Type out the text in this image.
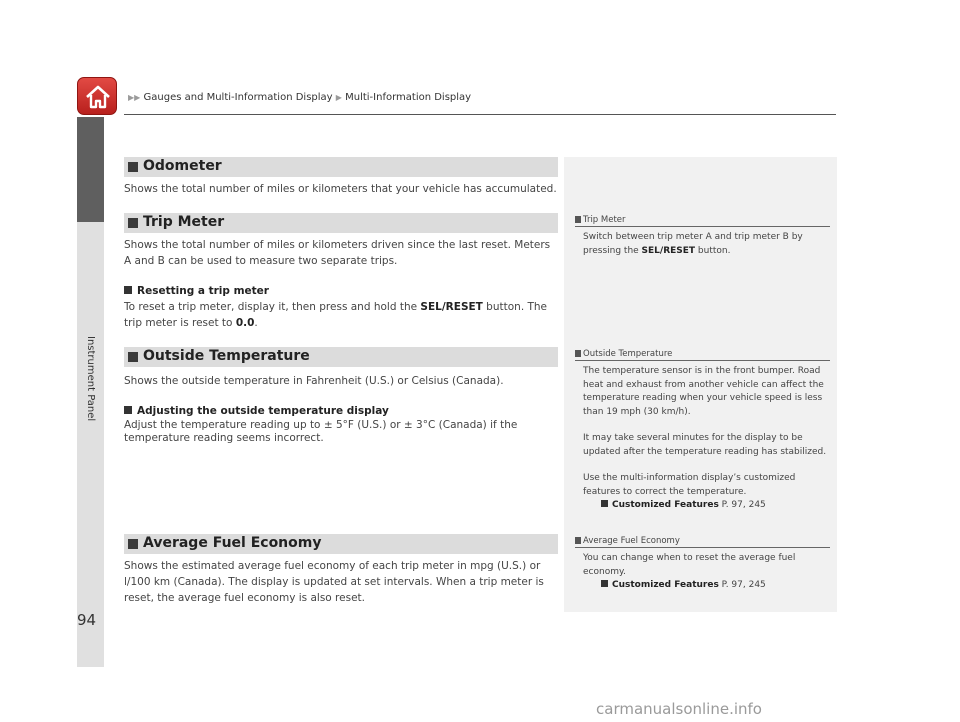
▶▶ Gauges and Multi-Information Display ▶ Multi-Information Display
Instrument Panel
94
Odometer
Shows the total number of miles or kilometers that your vehicle has accumulated.
Trip Meter
Shows the total number of miles or kilometers driven since the last reset. Meters A and B can be used to measure two separate trips.
Resetting a trip meter
To reset a trip meter, display it, then press and hold the SEL/RESET button. The trip meter is reset to 0.0.
Outside Temperature
Shows the outside temperature in Fahrenheit (U.S.) or Celsius (Canada).
Adjusting the outside temperature display
Adjust the temperature reading up to ± 5°F (U.S.) or ± 3°C (Canada) if the temperature reading seems incorrect.
Average Fuel Economy
Shows the estimated average fuel economy of each trip meter in mpg (U.S.) or l/100 km (Canada). The display is updated at set intervals. When a trip meter is reset, the average fuel economy is also reset.
Trip Meter
Switch between trip meter A and trip meter B by pressing the SEL/RESET button.
Outside Temperature
The temperature sensor is in the front bumper. Road heat and exhaust from another vehicle can affect the temperature reading when your vehicle speed is less than 19 mph (30 km/h).
It may take several minutes for the display to be updated after the temperature reading has stabilized.
Use the multi-information display’s customized features to correct the temperature.
Customized Features P. 97, 245
Average Fuel Economy
You can change when to reset the average fuel economy.
Customized Features P. 97, 245
carmanualsonline.info
